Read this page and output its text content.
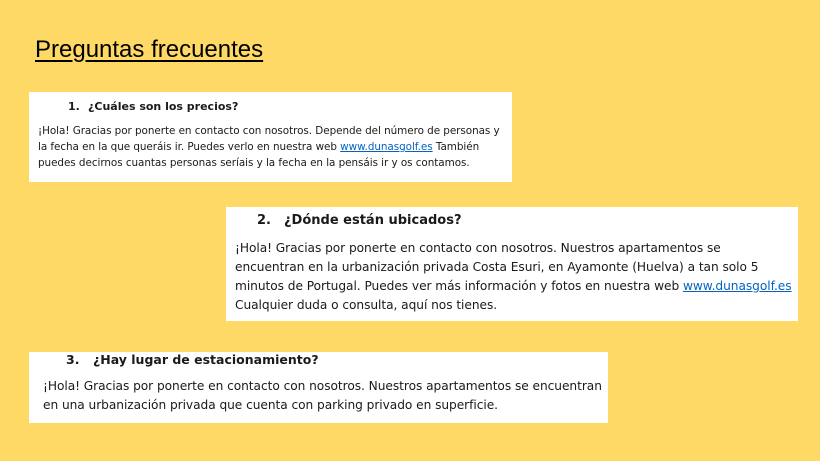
Preguntas frecuentes
1. ¿Cuáles son los precios?

¡Hola! Gracias por ponerte en contacto con nosotros. Depende del número de personas y la fecha en la que queráis ir. Puedes verlo en nuestra web www.dunasgolf.es También puedes decirnos cuantas personas seríais y la fecha en la pensáis ir y os contamos.

2. ¿Dónde están ubicados?

¡Hola! Gracias por ponerte en contacto con nosotros. Nuestros apartamentos se encuentran en la urbanización privada Costa Esuri, en Ayamonte (Huelva) a tan solo 5 minutos de Portugal. Puedes ver más información y fotos en nuestra web www.dunasgolf.es Cualquier duda o consulta, aquí nos tienes.

3. ¿Hay lugar de estacionamiento?

¡Hola! Gracias por ponerte en contacto con nosotros. Nuestros apartamentos se encuentran en una urbanización privada que cuenta con parking privado en superficie.
